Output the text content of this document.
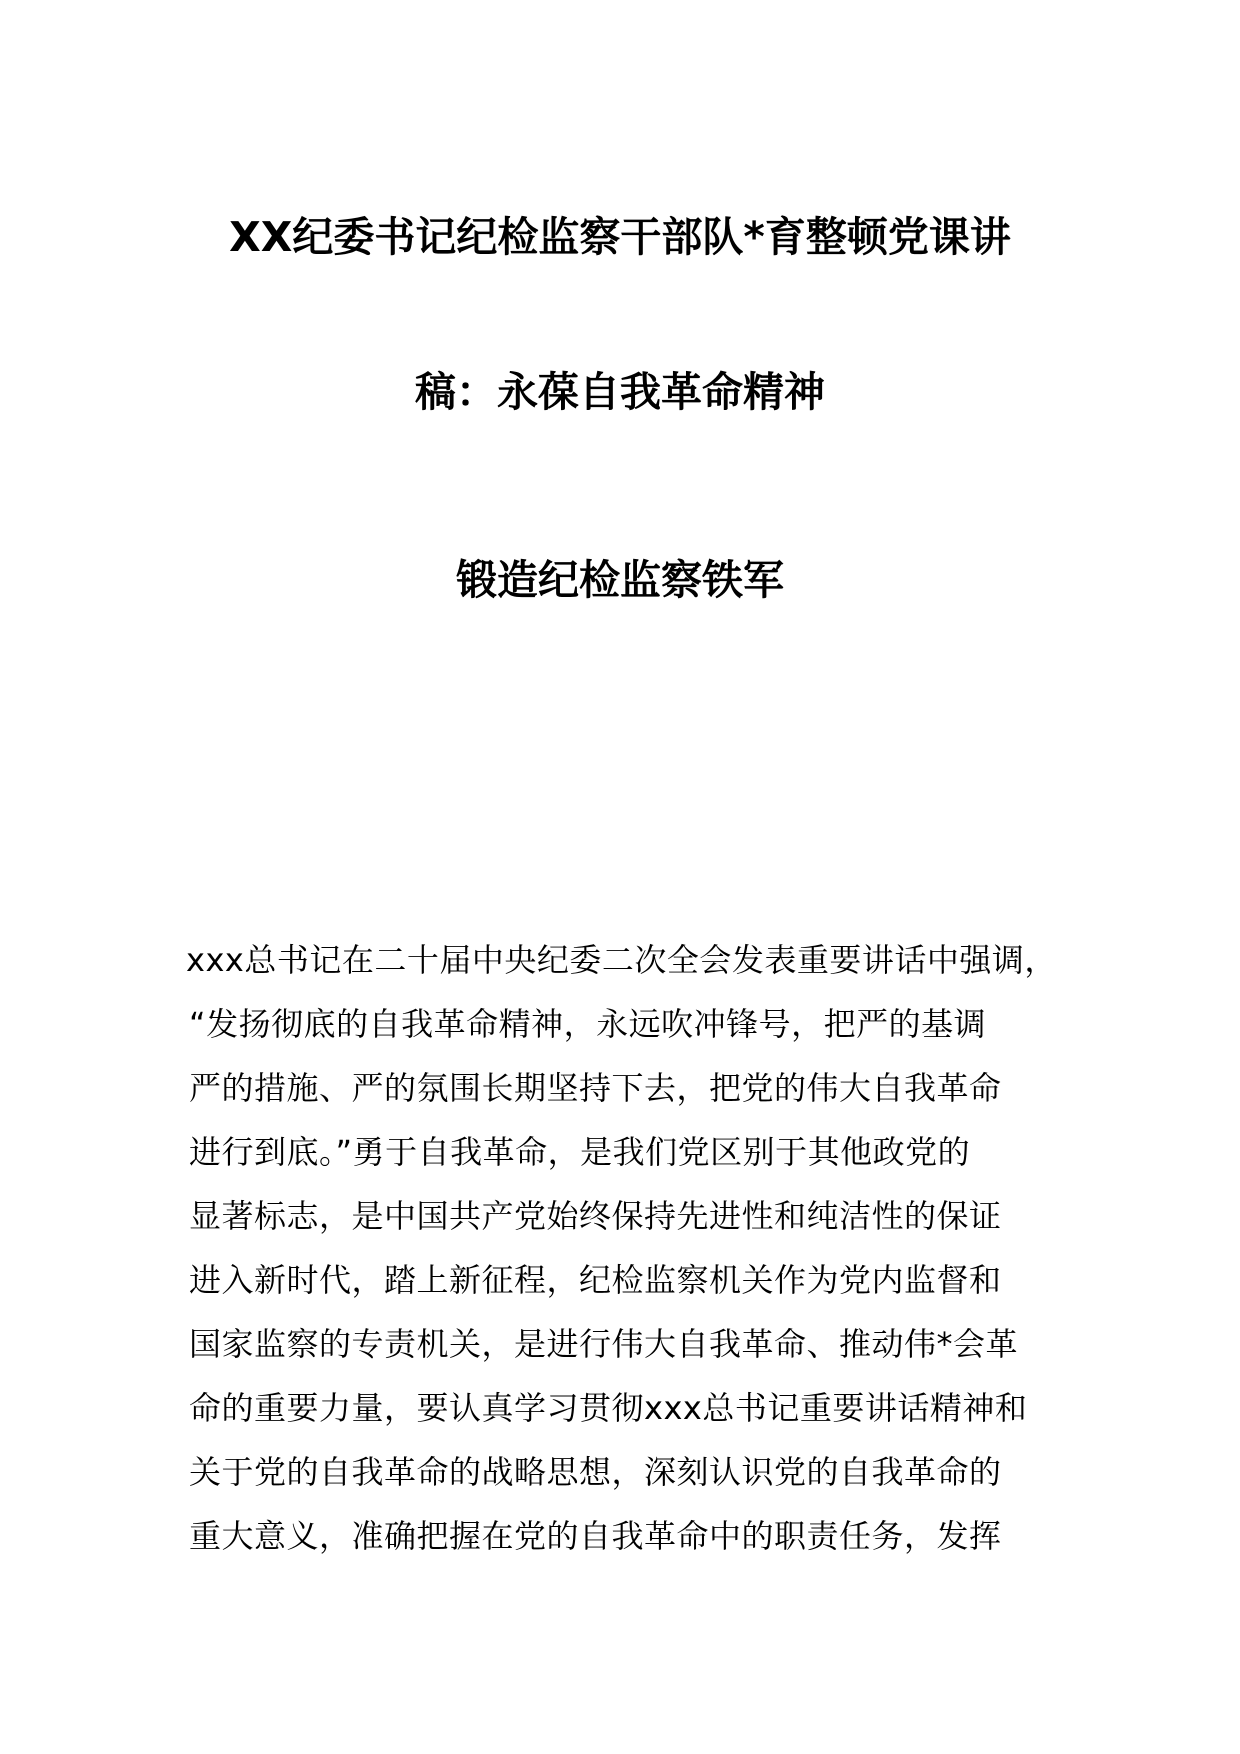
XX纪委书记纪检监察干部队*育整顿党课讲
稿：永葆自我革命精神
锻造纪检监察铁军
xxx总书记在二十届中央纪委二次全会发表重要讲话中强调，
“发扬彻底的自我革命精神，永远吹冲锋号，把严的基调
严的措施、严的氛围长期坚持下去，把党的伟大自我革命
进行到底。”勇于自我革命，是我们党区别于其他政党的
显著标志，是中国共产党始终保持先进性和纯洁性的保证
进入新时代，踏上新征程，纪检监察机关作为党内监督和
国家监察的专责机关，是进行伟大自我革命、推动伟*会革
命的重要力量，要认真学习贯彻xxx总书记重要讲话精神和
关于党的自我革命的战略思想，深刻认识党的自我革命的
重大意义，准确把握在党的自我革命中的职责任务，发挥
